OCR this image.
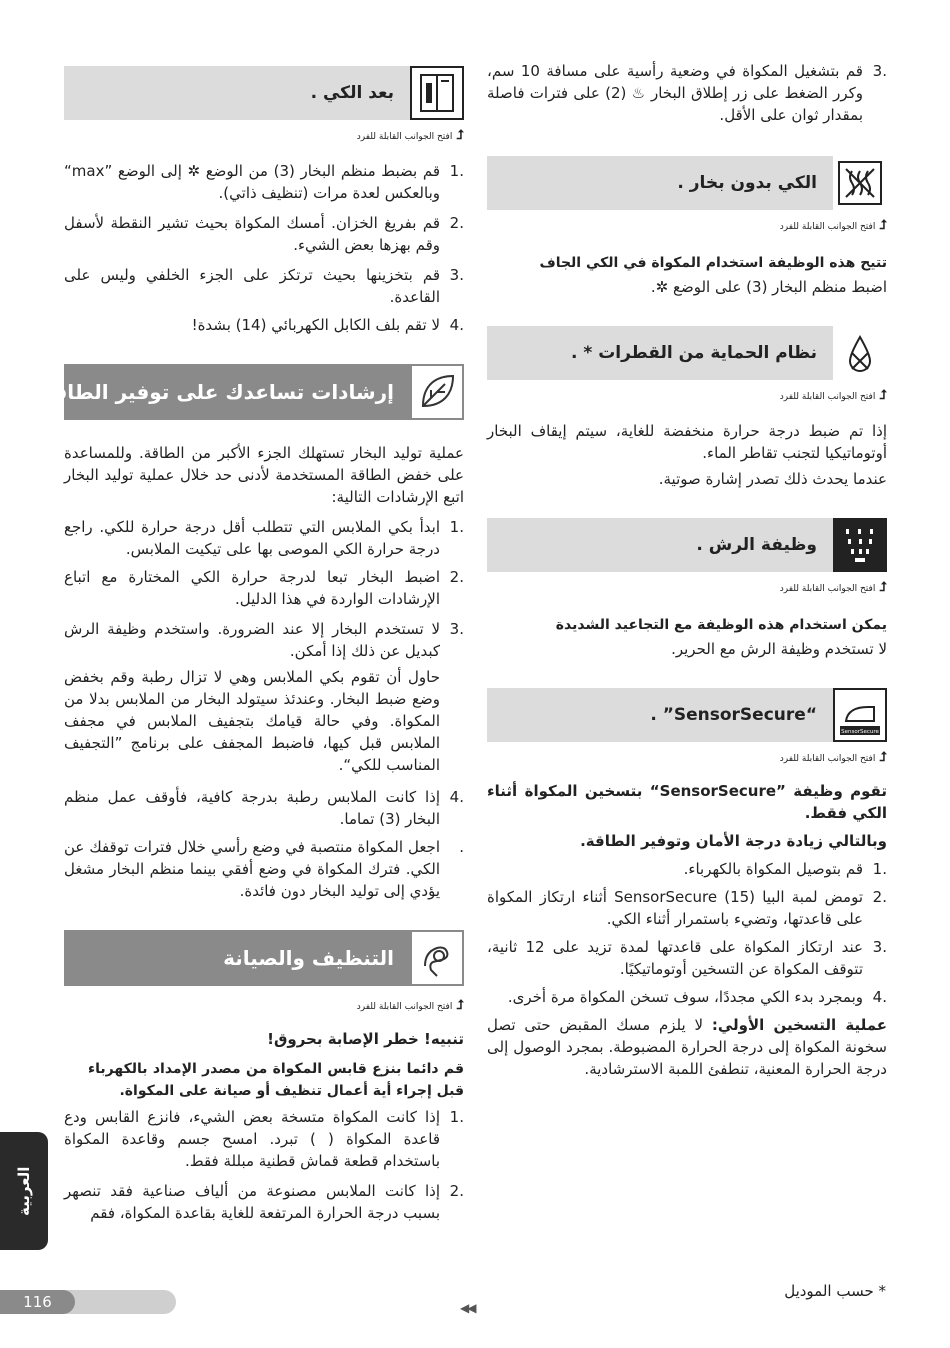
.3
قم بتشغيل المكواة في وضعية رأسية على مسافة 10 سم، وكرر الضغط على زر إطلاق البخار ♨ (2) على فترات فاصلة بمقدار ثوان على الأقل.
الكي بدون بخار .
⮥افتح الجوانب القابلة للفرد
تتيح هذه الوظيفة استخدام المكواة في الكي الجاف
اضبط منظم البخار (3) على الوضع ✲.
نظام الحماية من القطرات * .
⮥افتح الجوانب القابلة للفرد
إذا تم ضبط درجة حرارة منخفضة للغاية، سيتم إيقاف البخار أوتوماتيكيا لتجنب تقاطر الماء.
عندما يحدث ذلك تصدر إشارة صوتية.
وظيفة الرش .
⮥افتح الجوانب القابلة للفرد
يمكن استخدام هذه الوظيفة مع التجاعيد الشديدة
لا تستخدم وظيفة الرش مع الحرير.
SensorSecure
“SensorSecure” .
⮥افتح الجوانب القابلة للفرد
تقوم وظيفة ”SensorSecure“ بتسخين المكواة أثناء الكي فقط.
وبالتالي زيادة درجة الأمان وتوفير الطاقة.
.1
قم بتوصيل المكواة بالكهرباء.
.2
تومض لمبة البيا SensorSecure (15) أثناء ارتكاز المكواة على قاعدتها، وتضيء باستمرار أثناء الكي.
.3
عند ارتكاز المكواة على قاعدتها لمدة تزيد على 12 ثانية، تتوقف المكواة عن التسخين أوتوماتيكيًا.
.4
وبمجرد بدء الكي مجددًا، سوف تسخن المكواة مرة أخرى.
عملية التسخين الأولي: لا يلزم مسك المقبض حتى تصل سخونة المكواة إلى درجة الحرارة المضبوطة. بمجرد الوصول إلى درجة الحرارة المعنية، تنطفئ اللمبة الاسترشادية.
بعد الكي .
⮥افتح الجوانب القابلة للفرد
.1
قم بضبط منظم البخار (3) من الوضع ✲ إلى الوضع ”max“ وبالعكس لعدة مرات (تنظيف ذاتي).
.2
قم بفريغ الخزان. أمسك المكواة بحيث تشير النقطة لأسفل وقم بهزها بعض الشيء.
.3
قم بتخزينها بحيث ترتكز على الجزء الخلفي وليس على القاعدة.
.4
لا تقم بلف الكابل الكهربائي (14) بشدة!
إرشادات تساعدك على توفير الطاقة
عملية توليد البخار تستهلك الجزء الأكبر من الطاقة. وللمساعدة على خفض الطاقة المستخدمة لأدنى حد خلال عملية توليد البخار اتبع الإرشادات التالية:
.1
ابدأ بكي الملابس التي تتطلب أقل درجة حرارة للكي. راجع درجة حرارة الكي الموصى بها على تيكيت الملابس.
.2
اضبط البخار تبعا لدرجة حرارة الكي المختارة مع اتباع الإرشادات الواردة في هذا الدليل.
.3
لا تستخدم البخار إلا عند الضرورة. واستخدم وظيفة الرش كبديل عن ذلك إذا أمكن.
حاول أن تقوم بكي الملابس وهي لا تزال رطبة وقم بخفض وضع ضبط البخار. وعندئذ سيتولد البخار من الملابس بدلا من المكواة. وفي حالة قيامك بتجفيف الملابس في مجفف الملابس قبل كيها، فاضبط المجفف على برنامج ”التجفيف المناسب للكي“.
.4
إذا كانت الملابس رطبة بدرجة كافية، فأوقف عمل منظم البخار (3) تماما.
.
اجعل المكواة منتصبة في وضع رأسي خلال فترات توقفك عن الكي. فترك المكواة في وضع أفقي بينما منظم البخار مشغل يؤدي إلى توليد البخار دون فائدة.
التنظيف والصيانة
⮥افتح الجوانب القابلة للفرد
تنبيه! خطر الإصابة بحروق!
قم دائما بنزع قابس المكواة من مصدر الإمداد بالكهرباء قبل إجراء أية أعمال تنظيف أو صيانة على المكواة.
.1
إذا كانت المكواة متسخة بعض الشيء، فانزع القابس ودع قاعدة المكواة ( ) تبرد. امسح جسم وقاعدة المكواة باستخدام قطعة قماش قطنية مبللة فقط.
.2
إذا كانت الملابس مصنوعة من ألياف صناعية فقد تنصهر بسبب درجة الحرارة المرتفعة للغاية بقاعدة المكواة، فقم
العربية
116	◀◀
* حسب الموديل
